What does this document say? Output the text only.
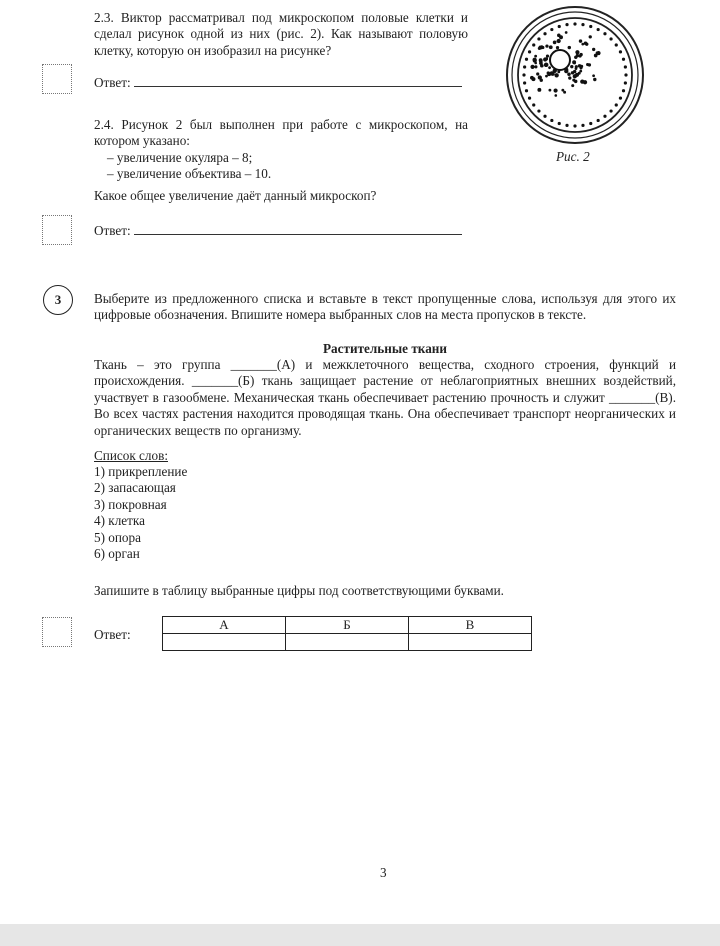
2.3. Виктор рассматривал под микроскопом половые клетки и сделал рисунок одной из них (рис. 2). Как называют половую клетку, которую он изобразил на рисунке?
Ответ:
Рис. 2
2.4. Рисунок 2 был выполнен при работе с микроскопом, на котором указано:
– увеличение окуляра – 8;
– увеличение объектива – 10.
Какое общее увеличение даёт данный микроскоп?
Ответ:
3	Выберите из предложенного списка и вставьте в текст пропущенные слова, используя для этого их цифровые обозначения. Впишите номера выбранных слов на места пропусков в тексте.
Растительные ткани
Ткань – это группа _______(А) и межклеточного вещества, сходного строения, функций и происхождения. _______(Б) ткань защищает растение от неблагоприятных внешних воздействий, участвует в газообмене. Механическая ткань обеспечивает растению прочность и служит _______(В). Во всех частях растения находится проводящая ткань. Она обеспечивает транспорт неорганических и органических веществ по организму.
Список слов:
1) прикрепление
2) запасающая
3) покровная
4) клетка
5) опора
6) орган
Запишите в таблицу выбранные цифры под соответствующими буквами.
Ответ:
А	Б	В

3
